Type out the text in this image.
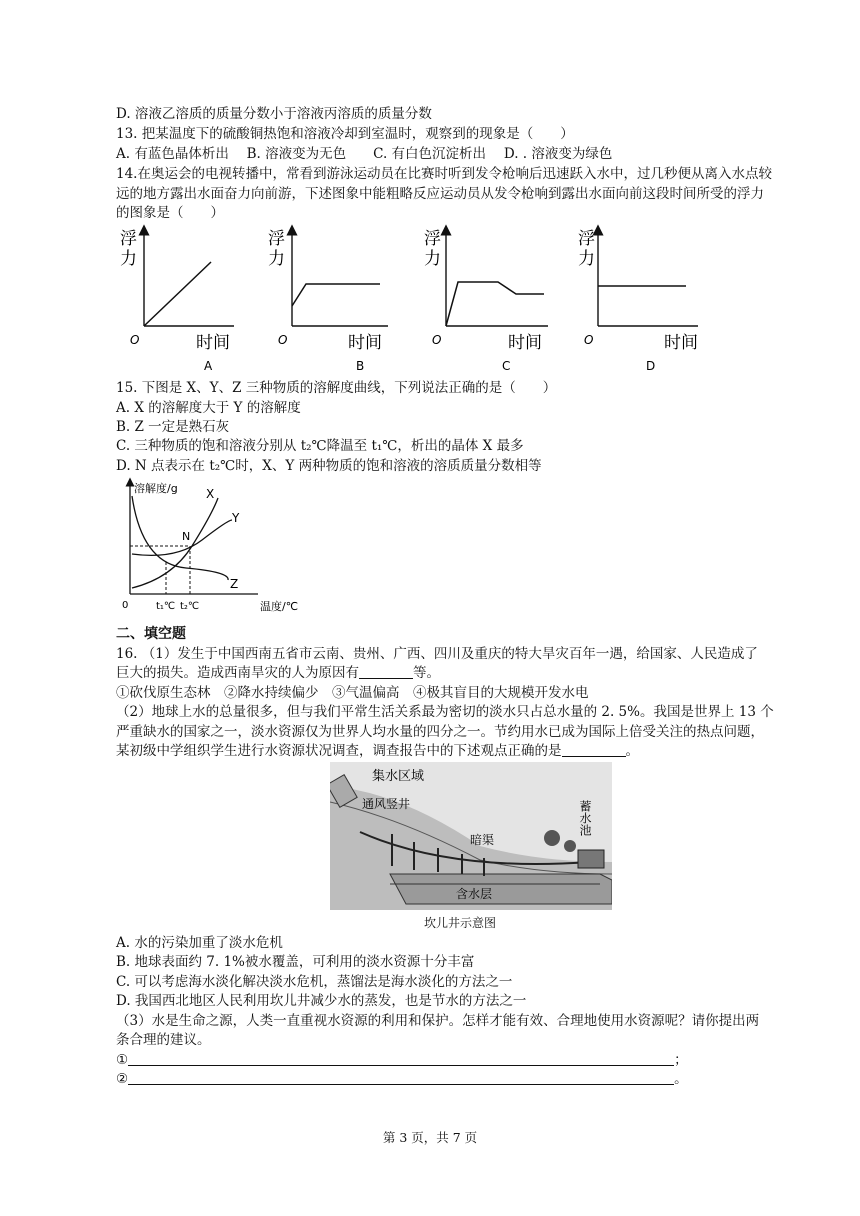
D. 溶液乙溶质的质量分数小于溶液丙溶质的质量分数
13. 把某温度下的硫酸铜热饱和溶液冷却到室温时，观察到的现象是（　　）
A. 有蓝色晶体析出　 B. 溶液变为无色　　C. 有白色沉淀析出　 D. . 溶液变为绿色
14.在奥运会的电视转播中，常看到游泳运动员在比赛时听到发令枪响后迅速跃入水中，过几秒便从离入水点较
远的地方露出水面奋力向前游，下述图象中能粗略反应运动员从发令枪响到露出水面向前这段时间所受的浮力
的图象是（　　）
浮
力
O	时间
A
浮
力
O	时间
B
浮
力
O	时间
C
浮
力
O	时间
D
15. 下图是 X、Y、Z 三种物质的溶解度曲线，下列说法正确的是（　　）
A. X 的溶解度大于 Y 的溶解度
B. Z 一定是熟石灰
C. 三种物质的饱和溶液分别从 t₂℃降温至 t₁℃，析出的晶体 X 最多
D. N 点表示在 t₂℃时，X、Y 两种物质的饱和溶液的溶质质量分数相等
溶解度/g
温度/℃
0
X
Y
Z
N
t₁℃ t₂℃
二、填空题
16. （1）发生于中国西南五省市云南、贵州、广西、四川及重庆的特大旱灾百年一遇，给国家、人民造成了
巨大的损失。造成西南旱灾的人为原因有	等。
①砍伐原生态林　②降水持续偏少　③气温偏高　④极其盲目的大规模开发水电
（2）地球上水的总量很多，但与我们平常生活关系最为密切的淡水只占总水量的 2. 5%。我国是世界上 13 个
严重缺水的国家之一，淡水资源仅为世界人均水量的四分之一。节约用水已成为国际上倍受关注的热点问题，
某初级中学组织学生进行水资源状况调查，调查报告中的下述观点正确的是	。
集水区域
通风竖井
暗渠
蓄水池
含水层
坎儿井示意图
A. 水的污染加重了淡水危机
B. 地球表面约 7. 1%被水覆盖，可利用的淡水资源十分丰富
C. 可以考虑海水淡化解决淡水危机，蒸馏法是海水淡化的方法之一
D. 我国西北地区人民利用坎儿井减少水的蒸发，也是节水的方法之一
（3）水是生命之源，人类一直重视水资源的利用和保护。怎样才能有效、合理地使用水资源呢？请你提出两
条合理的建议。
①	；
②	。
第 3 页，共 7 页
